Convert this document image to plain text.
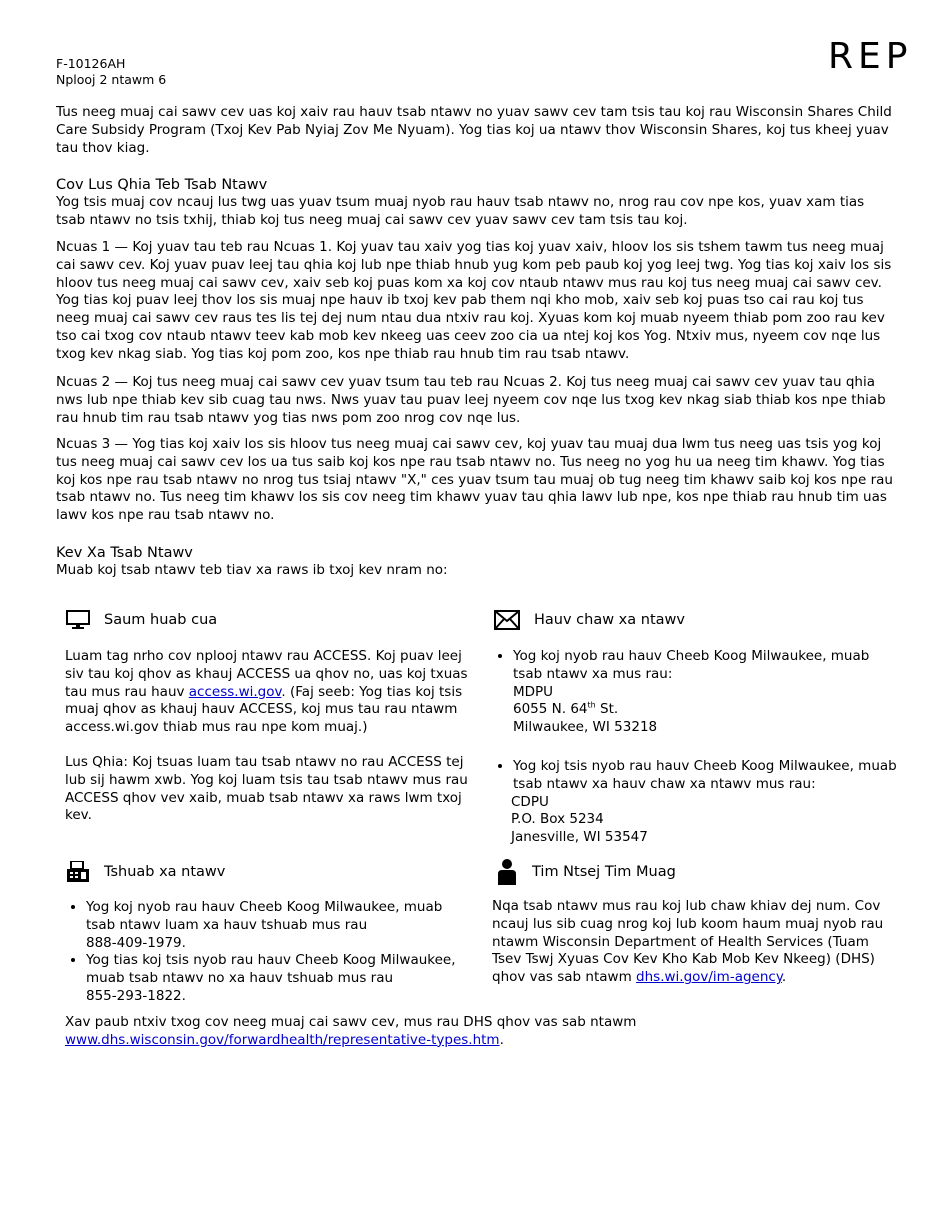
F-10126AH
Nplooj 2 ntawm 6
REP
Tus neeg muaj cai sawv cev uas koj xaiv rau hauv tsab ntawv no yuav sawv cev tam tsis tau koj rau Wisconsin Shares Child Care Subsidy Program (Txoj Kev Pab Nyiaj Zov Me Nyuam). Yog tias koj ua ntawv thov Wisconsin Shares, koj tus kheej yuav tau thov kiag.
Cov Lus Qhia Teb Tsab Ntawv
Yog tsis muaj cov ncauj lus twg uas yuav tsum muaj nyob rau hauv tsab ntawv no, nrog rau cov npe kos, yuav xam tias tsab ntawv no tsis txhij, thiab koj tus neeg muaj cai sawv cev yuav sawv cev tam tsis tau koj.
Ncuas 1 — Koj yuav tau teb rau Ncuas 1. Koj yuav tau xaiv yog tias koj yuav xaiv, hloov los sis tshem tawm tus neeg muaj cai sawv cev. Koj yuav puav leej tau qhia koj lub npe thiab hnub yug kom peb paub koj yog leej twg. Yog tias koj xaiv los sis hloov tus neeg muaj cai sawv cev, xaiv seb koj puas kom xa koj cov ntaub ntawv mus rau koj tus neeg muaj cai sawv cev. Yog tias koj puav leej thov los sis muaj npe hauv ib txoj kev pab them nqi kho mob, xaiv seb koj puas tso cai rau koj tus neeg muaj cai sawv cev raus tes lis tej dej num ntau dua ntxiv rau koj. Xyuas kom koj muab nyeem thiab pom zoo rau kev tso cai txog cov ntaub ntawv teev kab mob kev nkeeg uas ceev zoo cia ua ntej koj kos Yog. Ntxiv mus, nyeem cov nqe lus txog kev nkag siab. Yog tias koj pom zoo, kos npe thiab rau hnub tim rau tsab ntawv.
Ncuas 2 — Koj tus neeg muaj cai sawv cev yuav tsum tau teb rau Ncuas 2. Koj tus neeg muaj cai sawv cev yuav tau qhia nws lub npe thiab kev sib cuag tau nws. Nws yuav tau puav leej nyeem cov nqe lus txog kev nkag siab thiab kos npe thiab rau hnub tim rau tsab ntawv yog tias nws pom zoo nrog cov nqe lus.
Ncuas 3 — Yog tias koj xaiv los sis hloov tus neeg muaj cai sawv cev, koj yuav tau muaj dua lwm tus neeg uas tsis yog koj tus neeg muaj cai sawv cev los ua tus saib koj kos npe rau tsab ntawv no. Tus neeg no yog hu ua neeg tim khawv. Yog tias koj kos npe rau tsab ntawv no nrog tus tsiaj ntawv "X," ces yuav tsum tau muaj ob tug neeg tim khawv saib koj kos npe rau tsab ntawv no. Tus neeg tim khawv los sis cov neeg tim khawv yuav tau qhia lawv lub npe, kos npe thiab rau hnub tim uas lawv kos npe rau tsab ntawv no.
Kev Xa Tsab Ntawv
Muab koj tsab ntawv teb tiav xa raws ib txoj kev nram no:
Saum huab cua
Luam tag nrho cov nplooj ntawv rau ACCESS. Koj puav leej siv tau koj qhov as khauj ACCESS ua qhov no, uas koj txuas tau mus rau hauv access.wi.gov. (Faj seeb: Yog tias koj tsis muaj qhov as khauj hauv ACCESS, koj mus tau rau ntawm access.wi.gov thiab mus rau npe kom muaj.)
Lus Qhia: Koj tsuas luam tau tsab ntawv no rau ACCESS tej lub sij hawm xwb. Yog koj luam tsis tau tsab ntawv mus rau ACCESS qhov vev xaib, muab tsab ntawv xa raws lwm txoj kev.
Hauv chaw xa ntawv
• Yog koj nyob rau hauv Cheeb Koog Milwaukee, muab tsab ntawv xa mus rau:
MDPU
6055 N. 64th St.
Milwaukee, WI 53218
• Yog koj tsis nyob rau hauv Cheeb Koog Milwaukee, muab tsab ntawv xa hauv chaw xa ntawv mus rau:
CDPU
P.O. Box 5234
Janesville, WI 53547
Tshuab xa ntawv
• Yog koj nyob rau hauv Cheeb Koog Milwaukee, muab tsab ntawv luam xa hauv tshuab mus rau
888-409-1979.
• Yog tias koj tsis nyob rau hauv Cheeb Koog Milwaukee, muab tsab ntawv no xa hauv tshuab mus rau
855-293-1822.
Tim Ntsej Tim Muag
Nqa tsab ntawv mus rau koj lub chaw khiav dej num. Cov ncauj lus sib cuag nrog koj lub koom haum muaj nyob rau ntawm Wisconsin Department of Health Services (Tuam Tsev Tswj Xyuas Cov Kev Kho Kab Mob Kev Nkeeg) (DHS) qhov vas sab ntawm dhs.wi.gov/im-agency.
Xav paub ntxiv txog cov neeg muaj cai sawv cev, mus rau DHS qhov vas sab ntawm
www.dhs.wisconsin.gov/forwardhealth/representative-types.htm.
